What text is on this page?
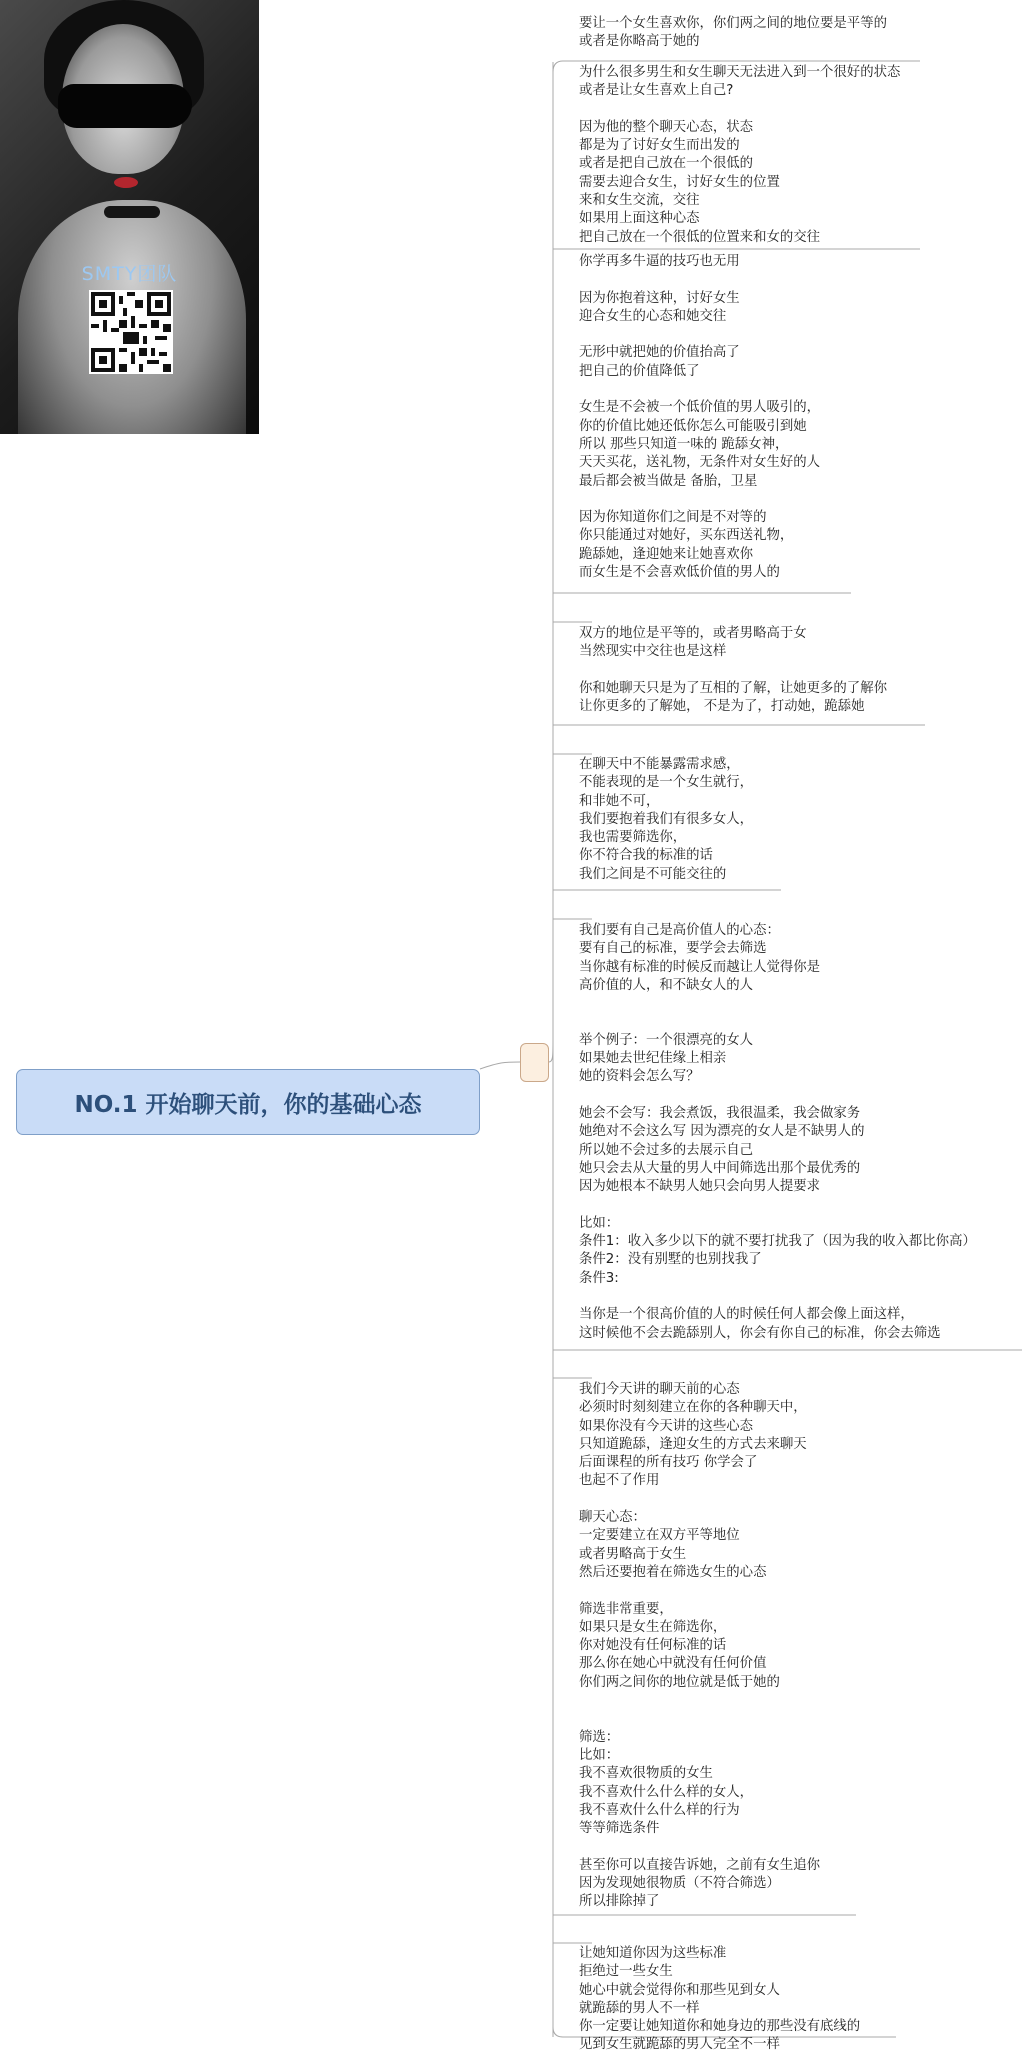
SMTY团队
NO.1 开始聊天前，你的基础心态
要让一个女生喜欢你，你们两之间的地位要是平等的
或者是你略高于她的
为什么很多男生和女生聊天无法进入到一个很好的状态
或者是让女生喜欢上自己?

因为他的整个聊天心态，状态
都是为了讨好女生而出发的
或者是把自己放在一个很低的
需要去迎合女生，讨好女生的位置
来和女生交流，交往
如果用上面这种心态
把自己放在一个很低的位置来和女的交往
你学再多牛逼的技巧也无用

因为你抱着这种，讨好女生
迎合女生的心态和她交往

无形中就把她的价值抬高了
把自己的价值降低了

女生是不会被一个低价值的男人吸引的，
你的价值比她还低你怎么可能吸引到她
所以 那些只知道一味的 跪舔女神，
天天买花，送礼物，无条件对女生好的人
最后都会被当做是 备胎，卫星

因为你知道你们之间是不对等的
你只能通过对她好，买东西送礼物，
跪舔她，逢迎她来让她喜欢你
而女生是不会喜欢低价值的男人的
双方的地位是平等的，或者男略高于女
当然现实中交往也是这样

你和她聊天只是为了互相的了解，让她更多的了解你
让你更多的了解她， 不是为了，打动她，跪舔她
在聊天中不能暴露需求感，
不能表现的是一个女生就行，
和非她不可，
我们要抱着我们有很多女人，
我也需要筛选你，
你不符合我的标准的话
我们之间是不可能交往的
我们要有自己是高价值人的心态：
要有自己的标准，要学会去筛选
当你越有标准的时候反而越让人觉得你是
高价值的人，和不缺女人的人

举个例子：一个很漂亮的女人
如果她去世纪佳缘上相亲
她的资料会怎么写？

她会不会写：我会煮饭，我很温柔，我会做家务
她绝对不会这么写 因为漂亮的女人是不缺男人的
所以她不会过多的去展示自己
她只会去从大量的男人中间筛选出那个最优秀的
因为她根本不缺男人她只会向男人提要求

比如：
条件1：收入多少以下的就不要打扰我了（因为我的收入都比你高）
条件2：没有别墅的也别找我了
条件3:

当你是一个很高价值的人的时候任何人都会像上面这样，
这时候他不会去跪舔别人，你会有你自己的标准，你会去筛选
我们今天讲的聊天前的心态
必须时时刻刻建立在你的各种聊天中，
如果你没有今天讲的这些心态
只知道跪舔，逢迎女生的方式去来聊天
后面课程的所有技巧 你学会了
也起不了作用

聊天心态：
一定要建立在双方平等地位
或者男略高于女生
然后还要抱着在筛选女生的心态

筛选非常重要，
如果只是女生在筛选你，
你对她没有任何标准的话
那么你在她心中就没有任何价值
你们两之间你的地位就是低于她的

筛选：
比如：
我不喜欢很物质的女生
我不喜欢什么什么样的女人，
我不喜欢什么什么样的行为
等等筛选条件

甚至你可以直接告诉她，之前有女生追你
因为发现她很物质（不符合筛选）
所以排除掉了
让她知道你因为这些标准
拒绝过一些女生
她心中就会觉得你和那些见到女人
就跪舔的男人不一样
你一定要让她知道你和她身边的那些没有底线的
见到女生就跪舔的男人完全不一样
